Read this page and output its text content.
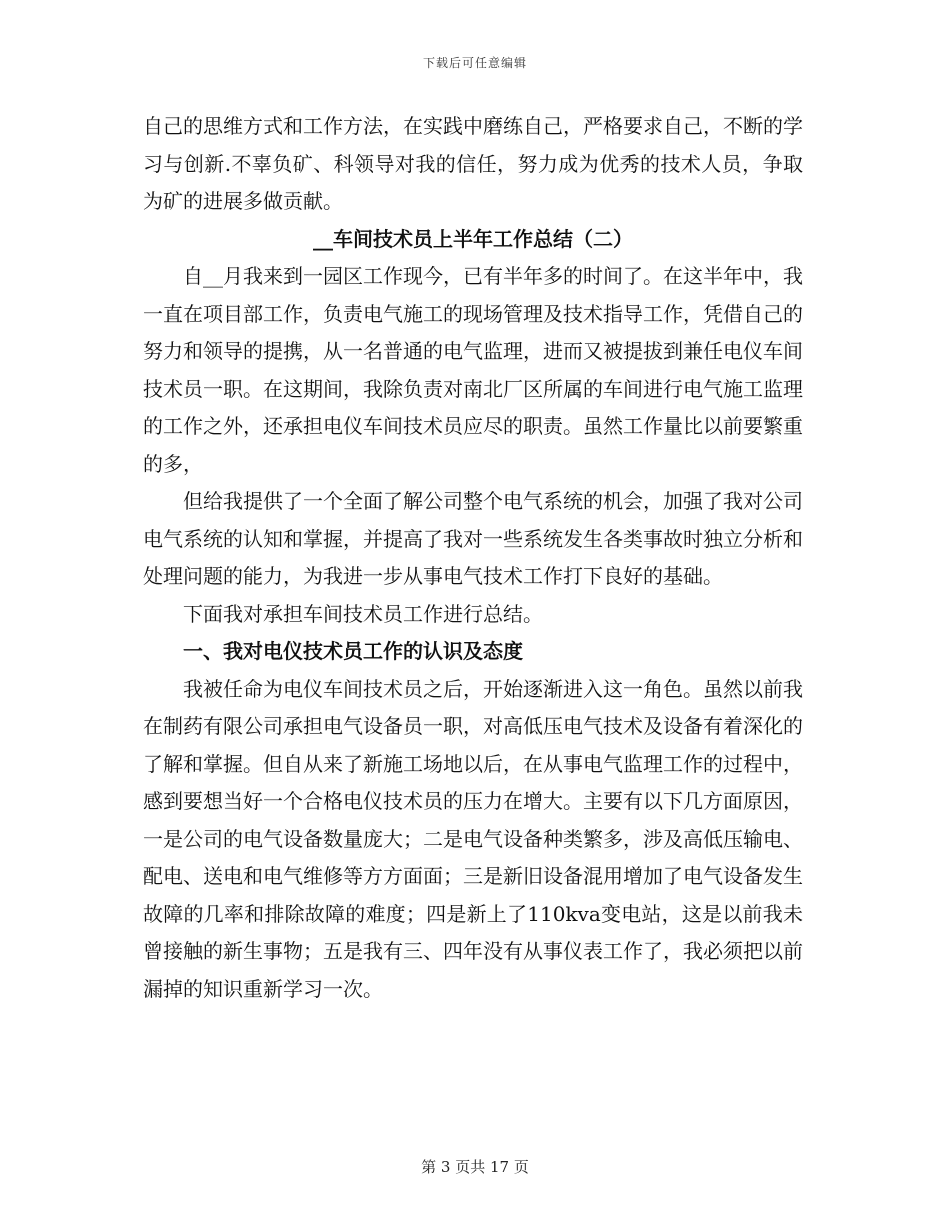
下载后可任意编辑

自己的思维方式和工作方法，在实践中磨练自己，严格要求自己，不断的学习与创新.不辜负矿、科领导对我的信任，努力成为优秀的技术人员，争取为矿的进展多做贡献。

__车间技术员上半年工作总结（二）

自__月我来到一园区工作现今，已有半年多的时间了。在这半年中，我一直在项目部工作，负责电气施工的现场管理及技术指导工作，凭借自己的努力和领导的提携，从一名普通的电气监理，进而又被提拔到兼任电仪车间技术员一职。在这期间，我除负责对南北厂区所属的车间进行电气施工监理的工作之外，还承担电仪车间技术员应尽的职责。虽然工作量比以前要繁重的多，

但给我提供了一个全面了解公司整个电气系统的机会，加强了我对公司电气系统的认知和掌握，并提高了我对一些系统发生各类事故时独立分析和处理问题的能力，为我进一步从事电气技术工作打下良好的基础。

下面我对承担车间技术员工作进行总结。

一、我对电仪技术员工作的认识及态度

我被任命为电仪车间技术员之后，开始逐渐进入这一角色。虽然以前我在制药有限公司承担电气设备员一职，对高低压电气技术及设备有着深化的了解和掌握。但自从来了新施工场地以后，在从事电气监理工作的过程中，感到要想当好一个合格电仪技术员的压力在增大。主要有以下几方面原因，一是公司的电气设备数量庞大；二是电气设备种类繁多，涉及高低压输电、配电、送电和电气维修等方方面面；三是新旧设备混用增加了电气设备发生故障的几率和排除故障的难度；四是新上了110kva变电站，这是以前我未曾接触的新生事物；五是我有三、四年没有从事仪表工作了，我必须把以前漏掉的知识重新学习一次。

第 3 页共 17 页
